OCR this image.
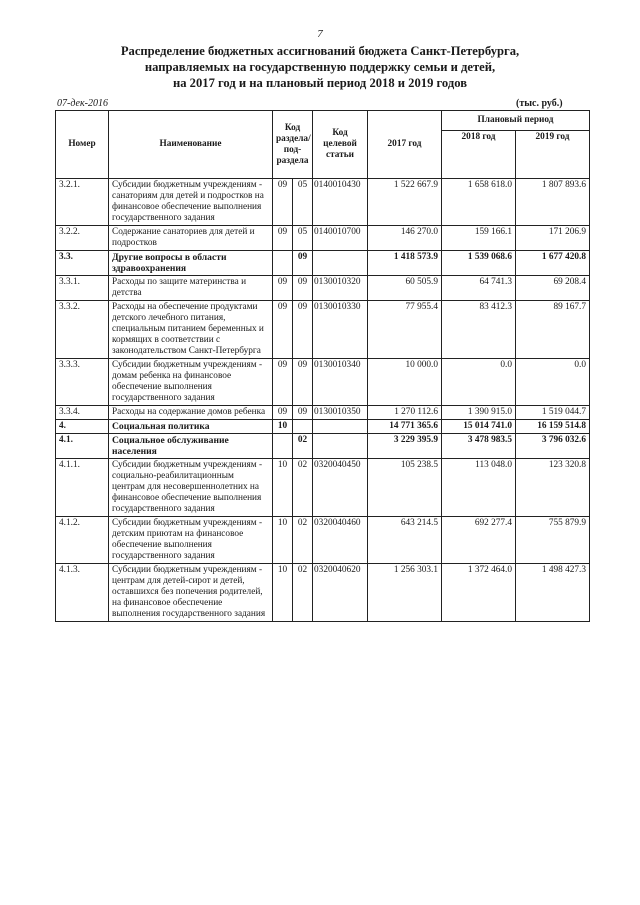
7
Распределение бюджетных ассигнований бюджета Санкт-Петербурга,
направляемых на государственную поддержку семьи и детей,
на 2017 год и на плановый период 2018 и 2019 годов
07-дек-2016	(тыс. руб.)
Номер	Наименование	Код раздела/ под-раздела		Код целевой статьи	2017 год	Плановый период	
						2018 год	2019 год
3.2.1.	Субсидии бюджетным учреждениям - санаториям для детей и подростков на финансовое обеспечение выполнения государственного задания	09	05	0140010430	1 522 667.9	1 658 618.0	1 807 893.6
3.2.2.	Содержание санаториев для детей и подростков	09	05	0140010700	146 270.0	159 166.1	171 206.9
3.3.	Другие вопросы в области здравоохранения		09		1 418 573.9	1 539 068.6	1 677 420.8
3.3.1.	Расходы по защите материнства и детства	09	09	0130010320	60 505.9	64 741.3	69 208.4
3.3.2.	Расходы на обеспечение продуктами детского лечебного питания, специальным питанием беременных и кормящих в соответствии с законодательством Санкт-Петербурга	09	09	0130010330	77 955.4	83 412.3	89 167.7
3.3.3.	Субсидии бюджетным учреждениям - домам ребенка на финансовое обеспечение выполнения государственного задания	09	09	0130010340	10 000.0	0.0	0.0
3.3.4.	Расходы на содержание домов ребенка	09	09	0130010350	1 270 112.6	1 390 915.0	1 519 044.7
4.	Социальная политика	10			14 771 365.6	15 014 741.0	16 159 514.8
4.1.	Социальное обслуживание населения		02		3 229 395.9	3 478 983.5	3 796 032.6
4.1.1.	Субсидии бюджетным учреждениям - социально-реабилитационным центрам для несовершеннолетних на финансовое обеспечение выполнения государственного задания	10	02	0320040450	105 238.5	113 048.0	123 320.8
4.1.2.	Субсидии бюджетным учреждениям - детским приютам на финансовое обеспечение выполнения государственного задания	10	02	0320040460	643 214.5	692 277.4	755 879.9
4.1.3.	Субсидии бюджетным учреждениям - центрам для детей-сирот и детей, оставшихся без попечения родителей, на финансовое обеспечение выполнения государственного задания	10	02	0320040620	1 256 303.1	1 372 464.0	1 498 427.3
